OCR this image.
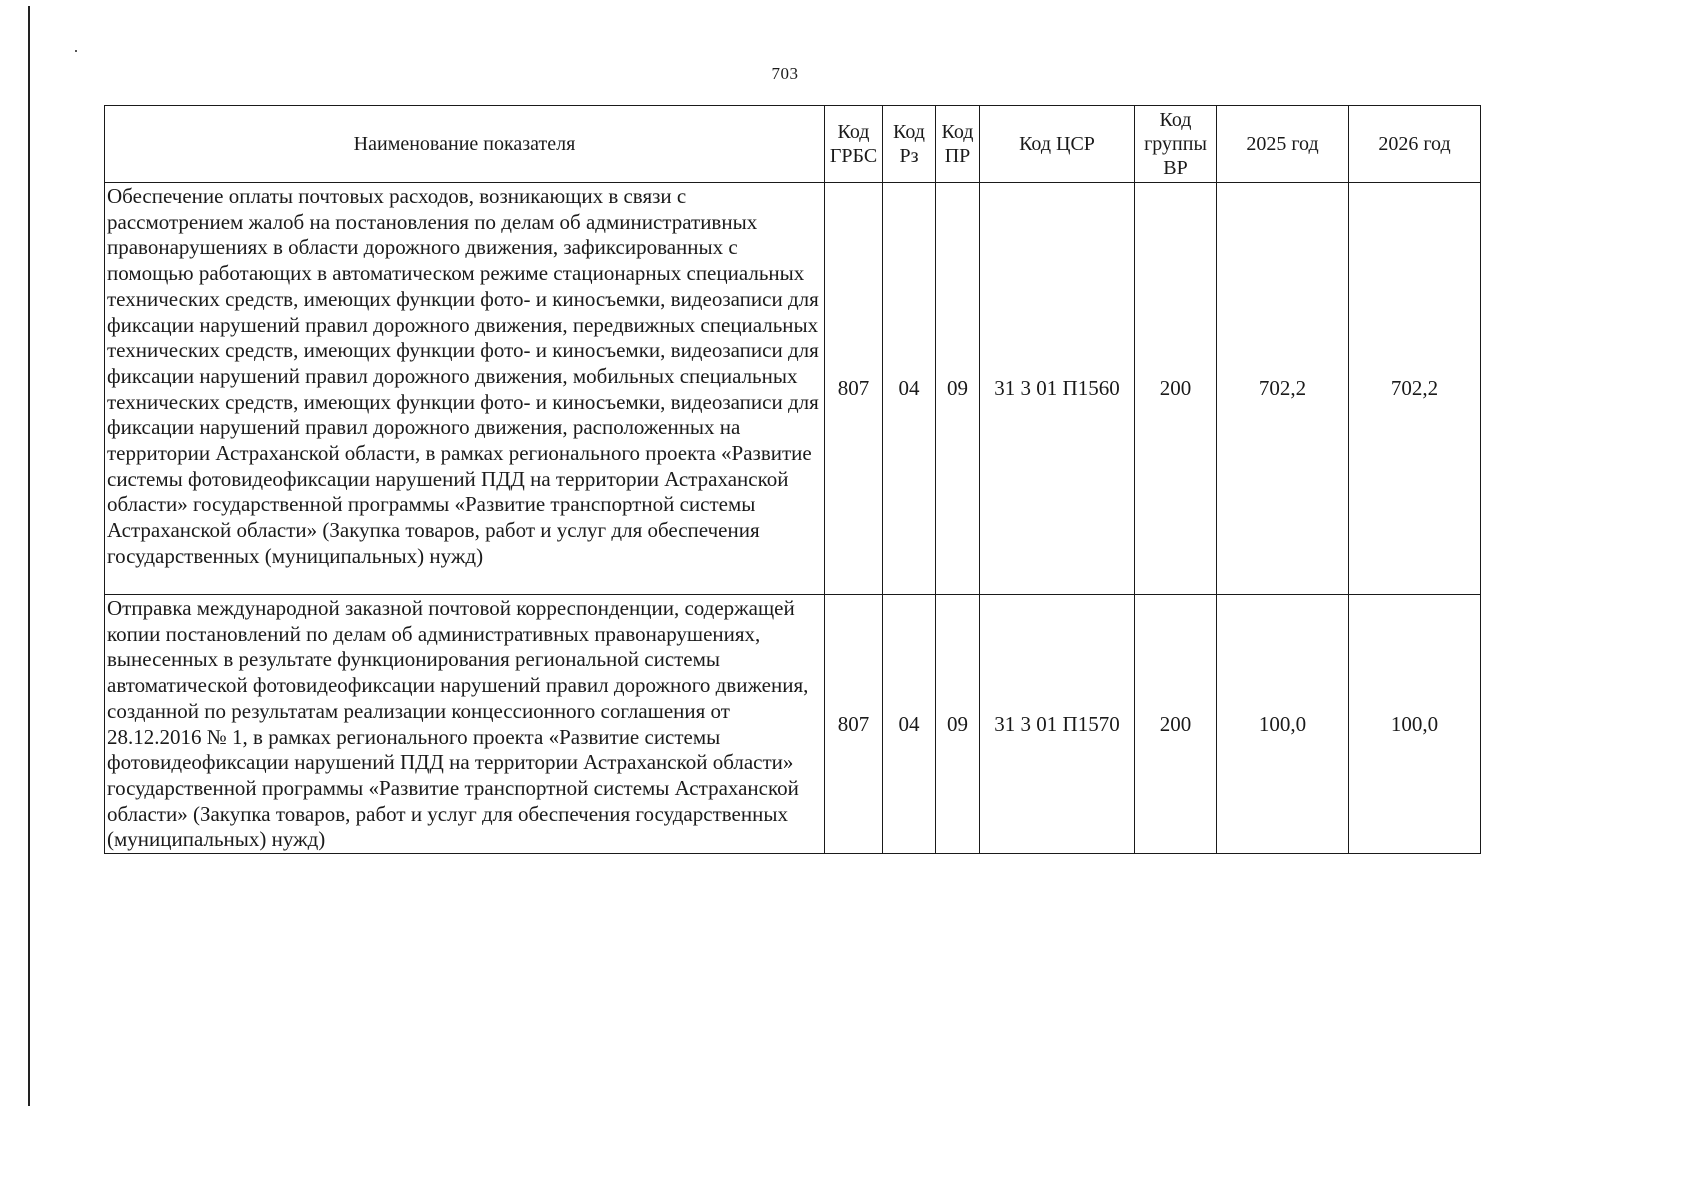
703
Наименование показателя	Код ГРБС	Код Рз	Код ПР	Код ЦСР	Код группы ВР	2025 год	2026 год
Обеспечение оплаты почтовых расходов, возникающих в связи с рассмотрением жалоб на постановления по делам об административных правонарушениях в области дорожного движения, зафиксированных с помощью работающих в автоматическом режиме стационарных специальных технических средств, имеющих функции фото- и киносъемки, видеозаписи для фиксации нарушений правил дорожного движения, передвижных специальных технических средств, имеющих функции фото- и киносъемки, видеозаписи для фиксации нарушений правил дорожного движения, мобильных специальных технических средств, имеющих функции фото- и киносъемки, видеозаписи для фиксации нарушений правил дорожного движения, расположенных на территории Астраханской области, в рамках регионального проекта «Развитие системы фотовидеофиксации нарушений ПДД на территории Астраханской области» государственной программы «Развитие транспортной системы Астраханской области» (Закупка товаров, работ и услуг для обеспечения государственных (муниципальных) нужд)	807	04	09	31 3 01 П1560	200	702,2	702,2
Отправка международной заказной почтовой корреспонденции, содержащей копии постановлений по делам об административных правонарушениях, вынесенных в результате функционирования региональной системы автоматической фотовидеофиксации нарушений правил дорожного движения, созданной по результатам реализации концессионного соглашения от 28.12.2016 № 1, в рамках регионального проекта «Развитие системы фотовидеофиксации нарушений ПДД на территории Астраханской области» государственной программы «Развитие транспортной системы Астраханской области» (Закупка товаров, работ и услуг для обеспечения государственных (муниципальных) нужд)	807	04	09	31 3 01 П1570	200	100,0	100,0
